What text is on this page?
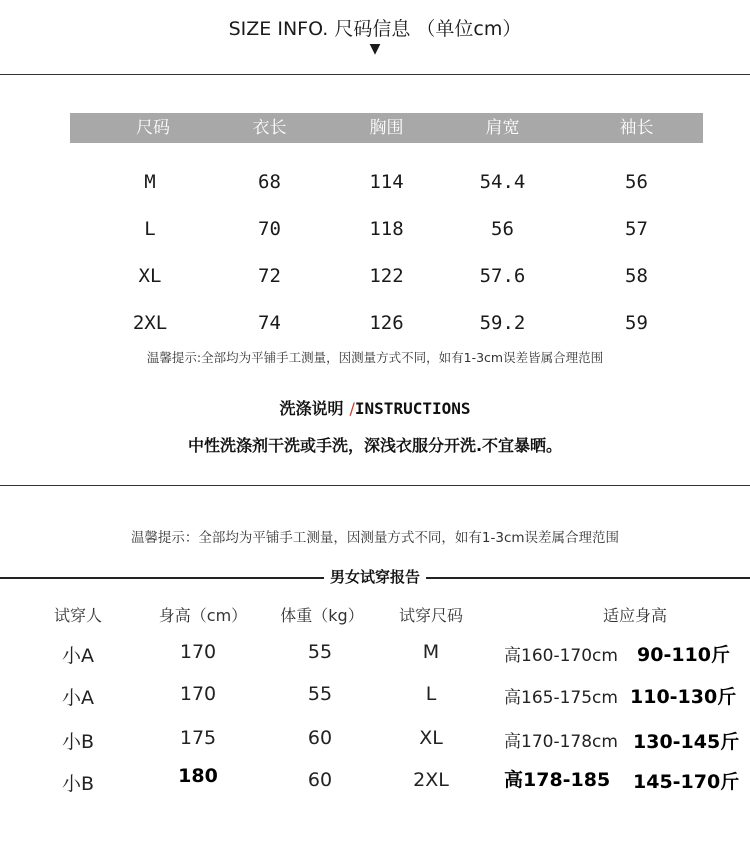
SIZE INFO. 尺码信息 （单位cm）
▼
尺码	衣长	胸围	肩宽	袖长
M	68	114	54.4	56
L	70	118	56	57
XL	72	122	57.6	58
2XL	74	126	59.2	59
温馨提示:全部均为平铺手工测量，因测量方式不同，如有1-3cm误差皆属合理范围
洗涤说明 /INSTRUCTIONS
中性洗涤剂干洗或手洗，深浅衣服分开洗.不宜暴晒。
温馨提示：全部均为平铺手工测量，因测量方式不同，如有1-3cm误差属合理范围
男女试穿报告
试穿人	身高（cm）	体重（kg）	试穿尺码	适应身高
小A	170	55	M	高160-170cm 90-110斤
小A	170	55	L	高165-175cm 110-130斤
小B	175	60	XL	高170-178cm 130-145斤
小B	180	60	2XL	高178-185 145-170斤
